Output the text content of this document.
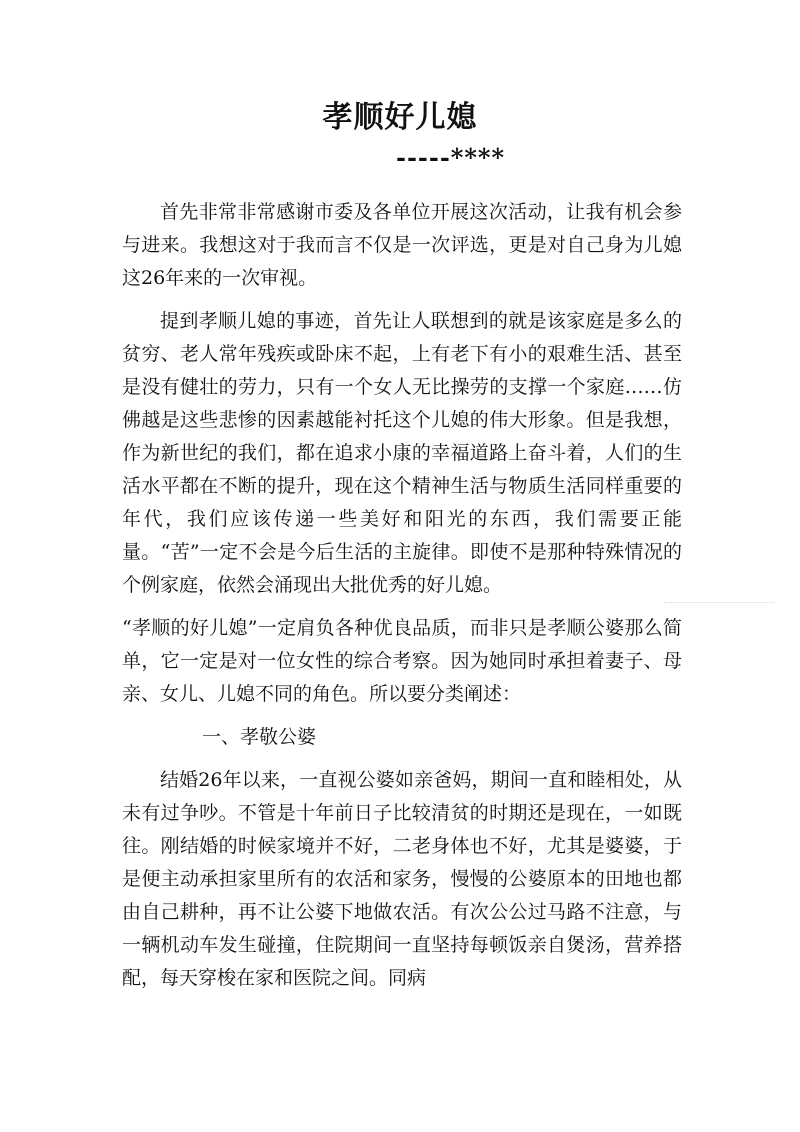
孝顺好儿媳
-----****

首先非常非常感谢市委及各单位开展这次活动，让我有机会参与进来。我想这对于我而言不仅是一次评选，更是对自己身为儿媳这26年来的一次审视。

提到孝顺儿媳的事迹，首先让人联想到的就是该家庭是多么的贫穷、老人常年残疾或卧床不起，上有老下有小的艰难生活、甚至是没有健壮的劳力，只有一个女人无比操劳的支撑一个家庭……仿佛越是这些悲惨的因素越能衬托这个儿媳的伟大形象。但是我想，作为新世纪的我们，都在追求小康的幸福道路上奋斗着，人们的生活水平都在不断的提升，现在这个精神生活与物质生活同样重要的年代，我们应该传递一些美好和阳光的东西，我们需要正能量。“苦”一定不会是今后生活的主旋律。即使不是那种特殊情况的个例家庭，依然会涌现出大批优秀的好儿媳。

“孝顺的好儿媳”一定肩负各种优良品质，而非只是孝顺公婆那么简单，它一定是对一位女性的综合考察。因为她同时承担着妻子、母亲、女儿、儿媳不同的角色。所以要分类阐述：

一、孝敬公婆

结婚26年以来，一直视公婆如亲爸妈，期间一直和睦相处，从未有过争吵。不管是十年前日子比较清贫的时期还是现在，一如既往。刚结婚的时候家境并不好，二老身体也不好，尤其是婆婆，于是便主动承担家里所有的农活和家务，慢慢的公婆原本的田地也都由自己耕种，再不让公婆下地做农活。有次公公过马路不注意，与一辆机动车发生碰撞，住院期间一直坚持每顿饭亲自煲汤，营养搭配，每天穿梭在家和医院之间。同病
